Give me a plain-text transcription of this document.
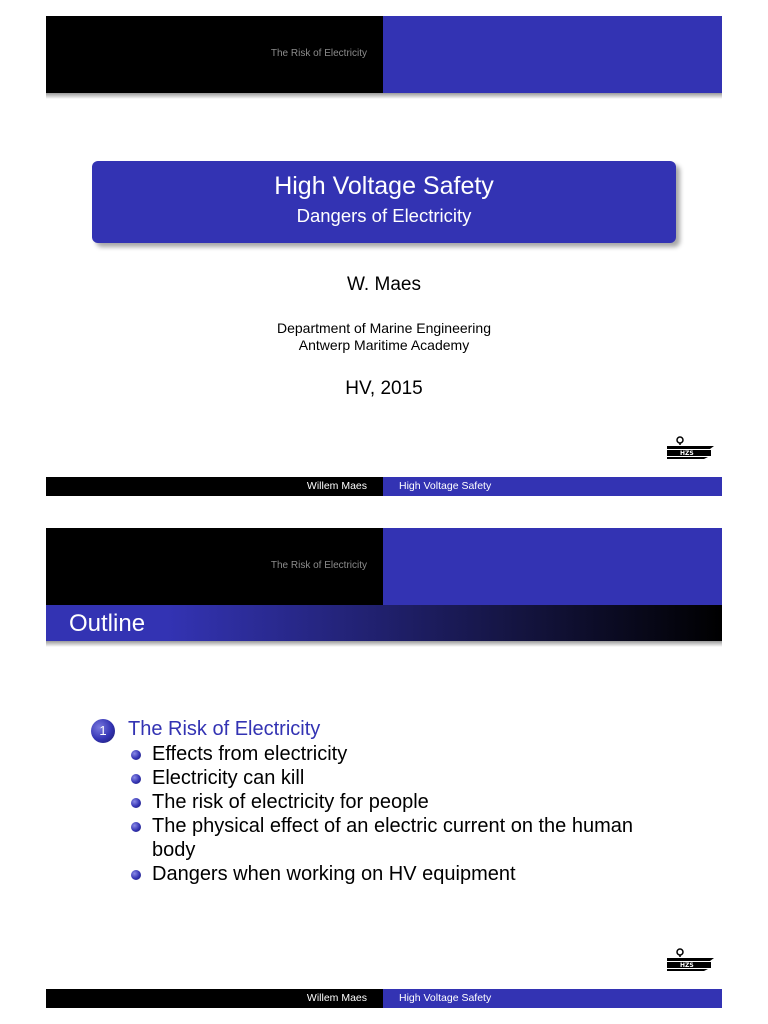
The Risk of Electricity
High Voltage Safety
Dangers of Electricity
W. Maes
Department of Marine Engineering
Antwerp Maritime Academy
HV, 2015
HZS
Willem Maes	High Voltage Safety
The Risk of Electricity
Outline
1	The Risk of Electricity
Effects from electricity
Electricity can kill
The risk of electricity for people
The physical effect of an electric current on the human body
Dangers when working on HV equipment
HZS
Willem Maes	High Voltage Safety
